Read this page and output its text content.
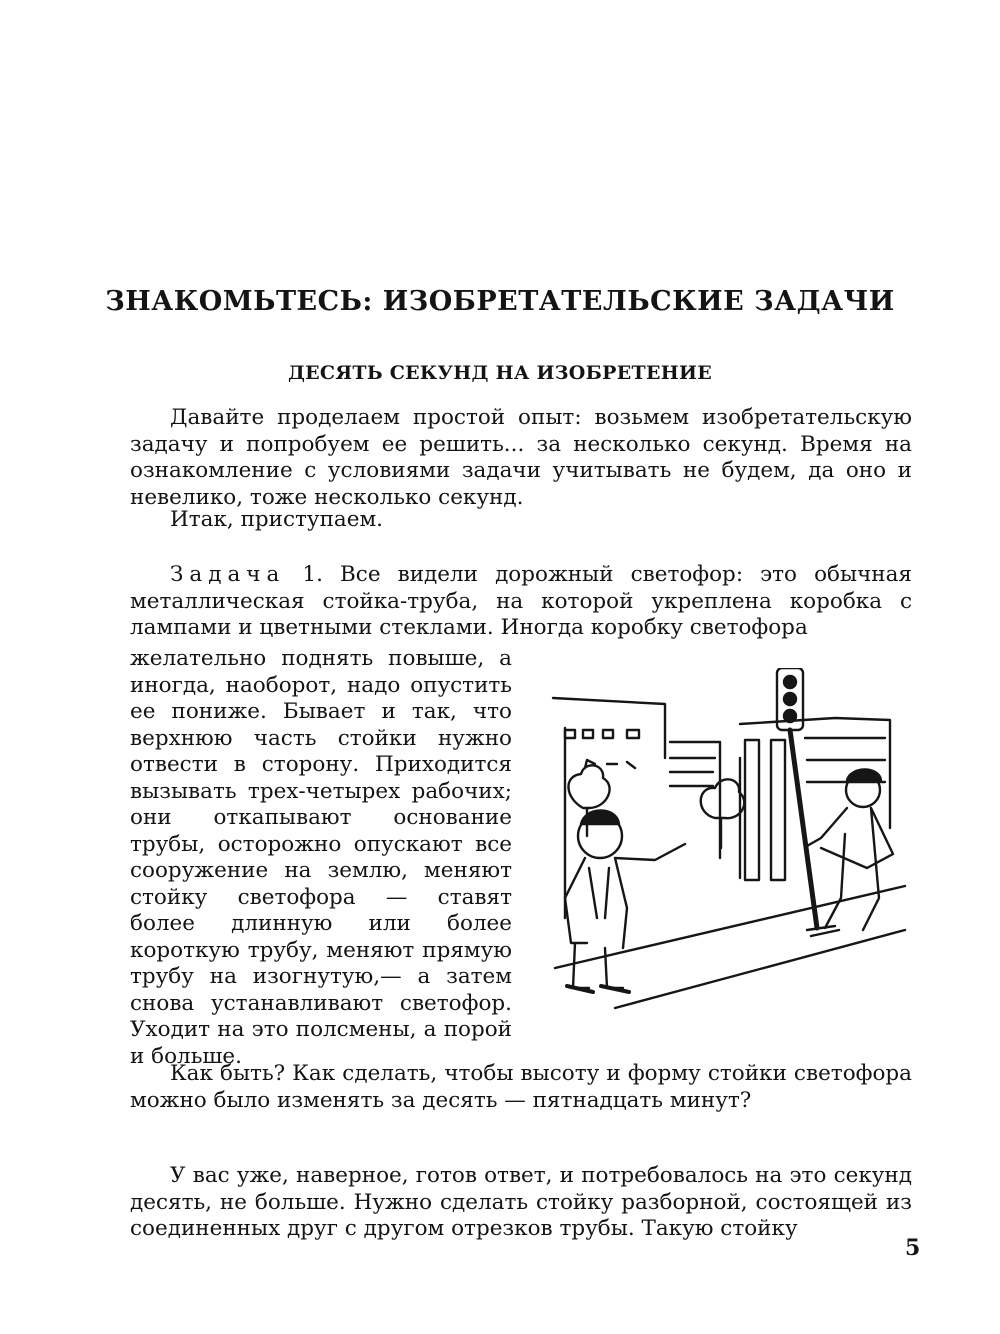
ЗНАКОМЬТЕСЬ: ИЗОБРЕТАТЕЛЬСКИЕ ЗАДАЧИ
ДЕСЯТЬ СЕКУНД НА ИЗОБРЕТЕНИЕ

Давайте проделаем простой опыт: возьмем изобретательскую задачу и попробуем ее решить... за несколько секунд. Время на ознакомление с условиями задачи учитывать не будем, да оно и невелико, тоже несколько секунд.

Итак, приступаем.

Задача 1. Все видели дорожный светофор: это обычная металлическая стойка-труба, на которой укреплена коробка с лампами и цветными стеклами. Иногда коробку светофора

желательно поднять повыше, а иногда, наоборот, надо опустить ее пониже. Бывает и так, что верхнюю часть стойки нужно отвести в сторону. Приходится вызывать трех-четырех рабочих; они откапывают основание трубы, осторожно опускают все сооружение на землю, меняют стойку светофора — ставят более длинную или более короткую трубу, меняют прямую трубу на изогнутую,— а затем снова устанавливают светофор. Уходит на это полсмены, а порой и больше.

Как быть? Как сделать, чтобы высоту и форму стойки светофора можно было изменять за десять — пятнадцать минут?

У вас уже, наверное, готов ответ, и потребовалось на это секунд десять, не больше. Нужно сделать стойку разборной, состоящей из соединенных друг с другом отрезков трубы. Такую стойку

5
